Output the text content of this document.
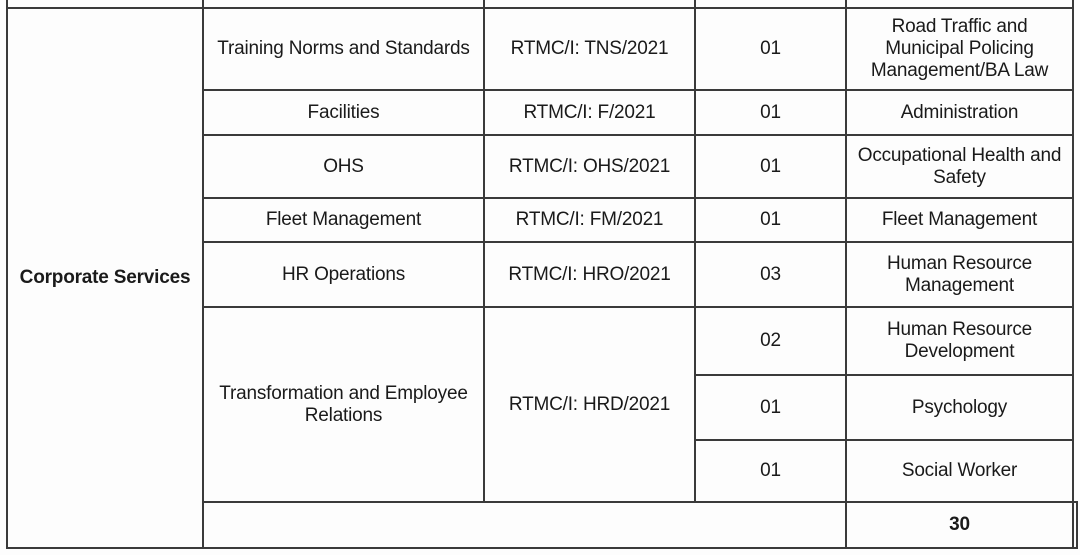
Corporate Services	Training Norms and Standards	RTMC/I: TNS/2021	01	Road Traffic and Municipal Policing Management/BA Law	
	Facilities	RTMC/I: F/2021	01	Administration	
	OHS	RTMC/I: OHS/2021	01	Occupational Health and Safety	
	Fleet Management	RTMC/I: FM/2021	01	Fleet Management	
	HR Operations	RTMC/I: HRO/2021	03	Human Resource Management	
	Transformation and Employee Relations	RTMC/I: HRD/2021	02	Human Resource Development	
			01	Psychology	
			01	Social Worker	
				30	
